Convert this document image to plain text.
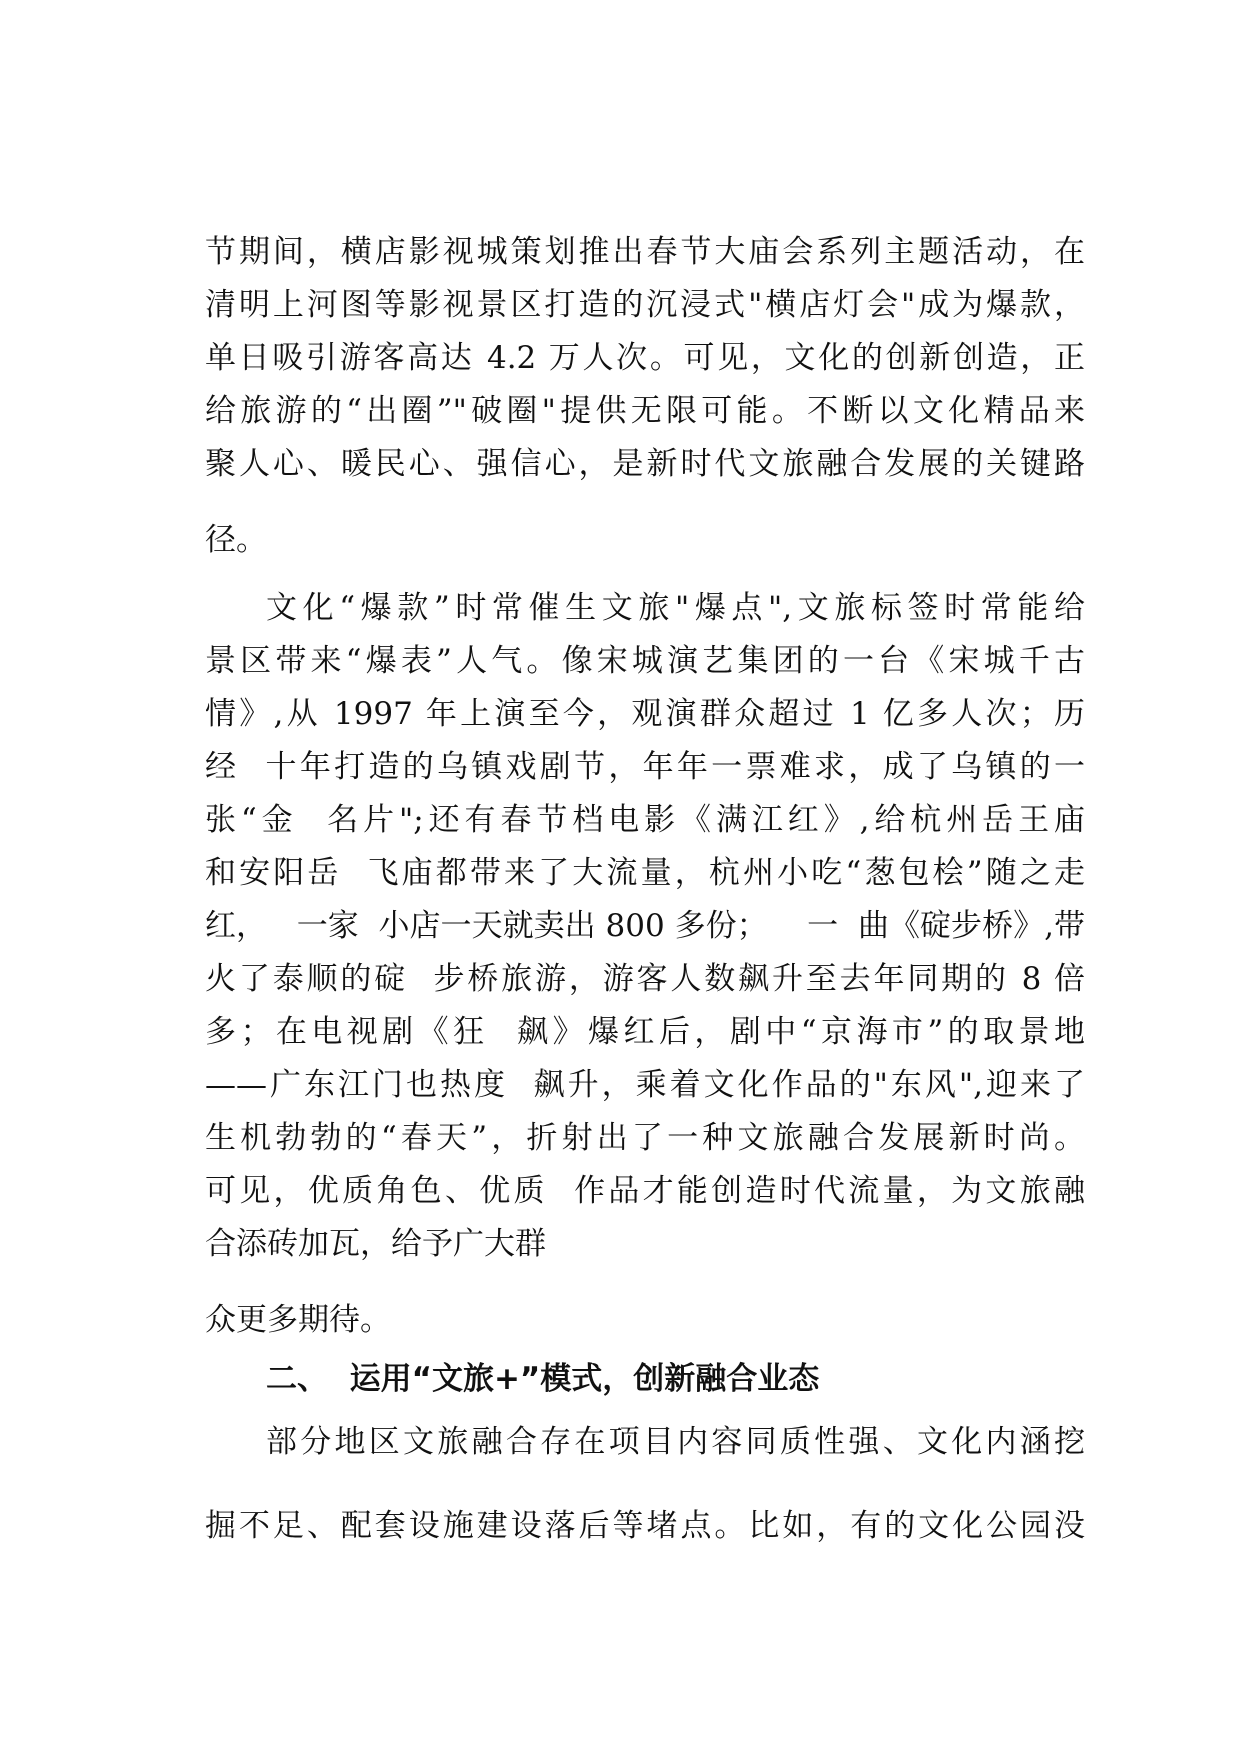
节期间，横店影视城策划推出春节大庙会系列主题活动，在
清明上河图等影视景区打造的沉浸式"横店灯会"成为爆款，
单日吸引游客高达 4.2 万人次。可见，文化的创新创造，正
给旅游的“出圈”"破圈"提供无限可能。不断以文化精品来
聚人心、暖民心、强信心，是新时代文旅融合发展的关键路
径。
文化“爆款”时常催生文旅"爆点",文旅标签时常能给
景区带来“爆表”人气。像宋城演艺集团的一台《宋城千古
情》,从 1997 年上演至今，观演群众超过 1 亿多人次；历
经  十年打造的乌镇戏剧节，年年一票难求，成了乌镇的一
张“金  名片";还有春节档电影《满江红》,给杭州岳王庙
和安阳岳  飞庙都带来了大流量，杭州小吃“葱包桧”随之走
红，   一家  小店一天就卖出 800 多份；    一  曲《碇步桥》,带
火了泰顺的碇  步桥旅游，游客人数飙升至去年同期的 8 倍
多；在电视剧《狂  飙》爆红后，剧中“京海市”的取景地
——广东江门也热度  飙升，乘着文化作品的"东风",迎来了
生机勃勃的“春天”，折射出了一种文旅融合发展新时尚。
可见，优质角色、优质  作品才能创造时代流量，为文旅融
合添砖加瓦，给予广大群
众更多期待。
二、  运用“文旅+”模式，创新融合业态
部分地区文旅融合存在项目内容同质性强、文化内涵挖
掘不足、配套设施建设落后等堵点。比如，有的文化公园没
